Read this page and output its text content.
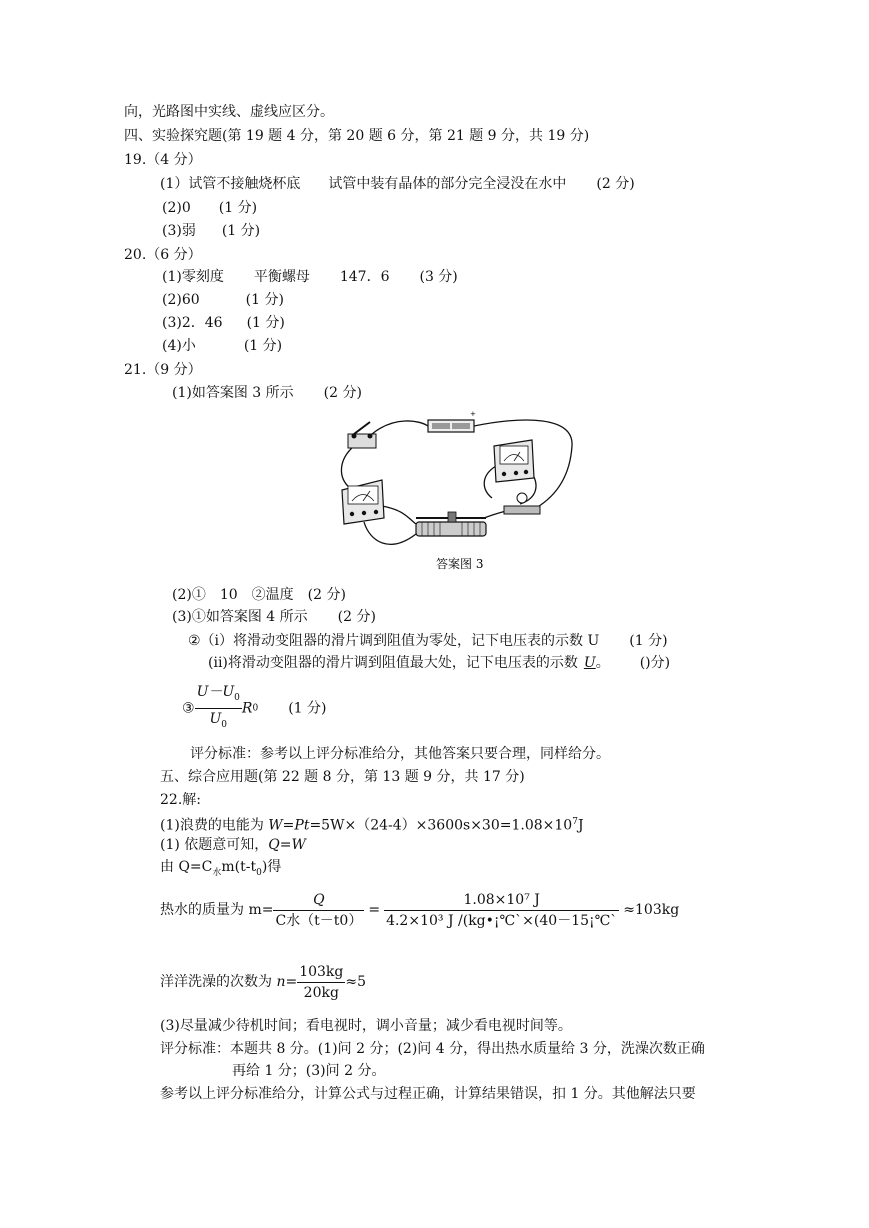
向，光路图中实线、虚线应区分。
四、实验探究题(第 19 题 4 分，第 20 题 6 分，第 21 题 9 分，共 19 分)
19.（4 分）
(1）试管不接触烧杯底 试管中装有晶体的部分完全浸没在水中 (2 分)
(2)0 (1 分)
(3)弱 (1 分)
20.（6 分）
(1)零刻度 平衡螺母 147．6 (3 分)
(2)60	(1 分)
(3)2．46 (1 分)
(4)小	(1 分)
21.（9 分）
(1)如答案图 3 所示 (2 分)
+
答案图 3
(2)①　10　②温度　(2 分)
(3)①如答案图 4 所示 (2 分)
②（i）将滑动变阻器的滑片调到阻值为零处，记下电压表的示数 U (1 分)
(ii)将滑动变阻器的滑片调到阻值最大处，记下电压表的示数 U。 ()分)
③ $\frac{U-U_0}{U_0} R0$ (1 分)
评分标准：参考以上评分标准给分，其他答案只要合理，同样给分。
五、综合应用题(第 22 题 8 分，第 13 题 9 分，共 17 分)
22.解:
(1)浪费的电能为 $W=Pt=5W\times(24-4)\times 3600s\times 30=1.08\times 10^7J$
(1) 依题意可知，Q=W
由 $Q=C_水m(t-t_0)$得
热水的质量为 $m= \frac{Q}{\text{C水（t－t0）}} = \frac{\text{1.08×10⁷ J}}{\text{4.2×10³ J /(kg•¡℃ˋ×(40－15¡℃ˋ}} \approx 103kg$
洋洋洗澡的次数为 $n= \frac{103kg}{20kg} \approx 5$
(3)尽量减少待机时间；看电视时，调小音量；减少看电视时间等。
评分标准：本题共 8 分。(1)问 2 分；(2)问 4 分，得出热水质量给 3 分，洗澡次数正确
再给 1 分；(3)问 2 分。
参考以上评分标准给分，计算公式与过程正确，计算结果错误，扣 1 分。其他解法只要
